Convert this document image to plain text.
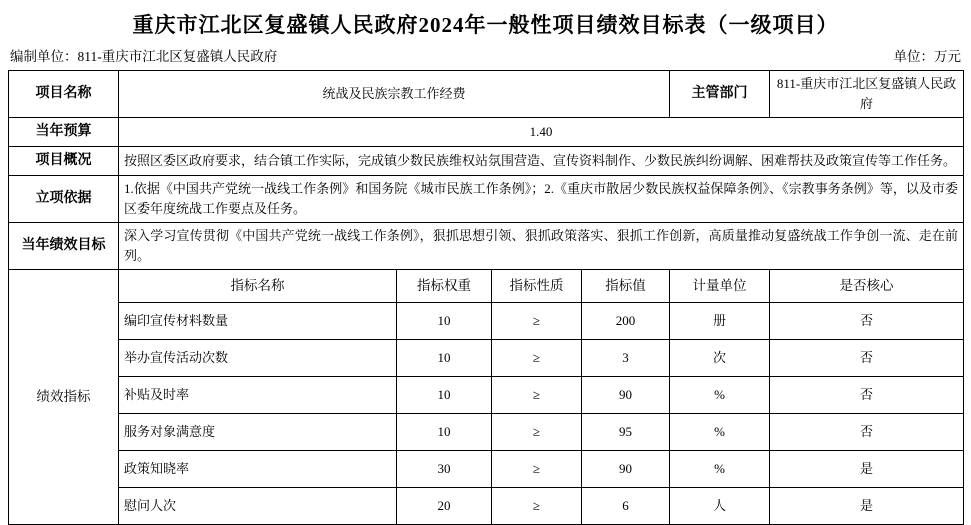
重庆市江北区复盛镇人民政府2024年一般性项目绩效目标表（一级项目）
编制单位：811-重庆市江北区复盛镇人民政府	单位：万元
项目名称	统战及民族宗教工作经费				主管部门	811-重庆市江北区复盛镇人民政府
当年预算	1.40					
项目概况	按照区委区政府要求，结合镇工作实际，完成镇少数民族维权站氛围营造、宣传资料制作、少数民族纠纷调解、困难帮扶及政策宣传等工作任务。					
立项依据	1.依据《中国共产党统一战线工作条例》和国务院《城市民族工作条例》；2.《重庆市散居少数民族权益保障条例》、《宗教事务条例》等，以及市委区委年度统战工作要点及任务。					
当年绩效目标	深入学习宣传贯彻《中国共产党统一战线工作条例》，狠抓思想引领、狠抓政策落实、狠抓工作创新，高质量推动复盛统战工作争创一流、走在前列。					
绩效指标	指标名称	指标权重	指标性质	指标值	计量单位	是否核心
	编印宣传材料数量	10	≥	200	册	否
	举办宣传活动次数	10	≥	3	次	否
	补贴及时率	10	≥	90	%	否
	服务对象满意度	10	≥	95	%	否
	政策知晓率	30	≥	90	%	是
	慰问人次	20	≥	6	人	是
